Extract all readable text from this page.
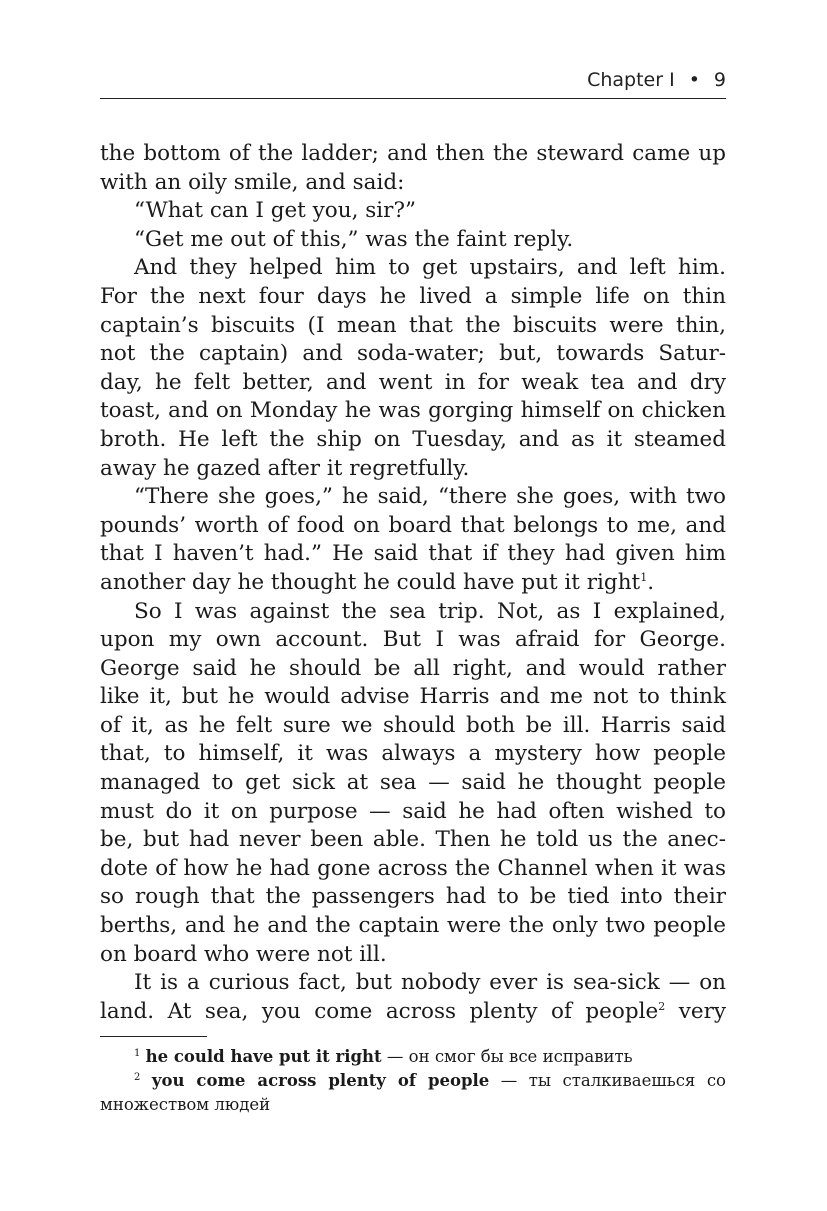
Chapter I • 9
the bottom of the ladder; and then the steward came up
with an oily smile, and said:
“What can I get you, sir?”
“Get me out of this,” was the faint reply.
And they helped him to get upstairs, and left him.
For the next four days he lived a simple life on thin
captain’s biscuits (I mean that the biscuits were thin,
not the captain) and soda-water; but, towards Satur-
day, he felt better, and went in for weak tea and dry
toast, and on Monday he was gorging himself on chicken
broth. He left the ship on Tuesday, and as it steamed
away he gazed after it regretfully.
“There she goes,” he said, “there she goes, with two
pounds’ worth of food on board that belongs to me, and
that I haven’t had.” He said that if they had given him
another day he thought he could have put it right$^1$.
So I was against the sea trip. Not, as I explained,
upon my own account. But I was afraid for George.
George said he should be all right, and would rather
like it, but he would advise Harris and me not to think
of it, as he felt sure we should both be ill. Harris said
that, to himself, it was always a mystery how people
managed to get sick at sea — said he thought people
must do it on purpose — said he had often wished to
be, but had never been able. Then he told us the anec-
dote of how he had gone across the Channel when it was
so rough that the passengers had to be tied into their
berths, and he and the captain were the only two people
on board who were not ill.
It is a curious fact, but nobody ever is sea-sick — on
land. At sea, you come across plenty of people$^2$ very
$^1$ he could have put it right — он смог бы все исправить
$^2$ you come across plenty of people — ты сталкиваешься со
множеством людей
